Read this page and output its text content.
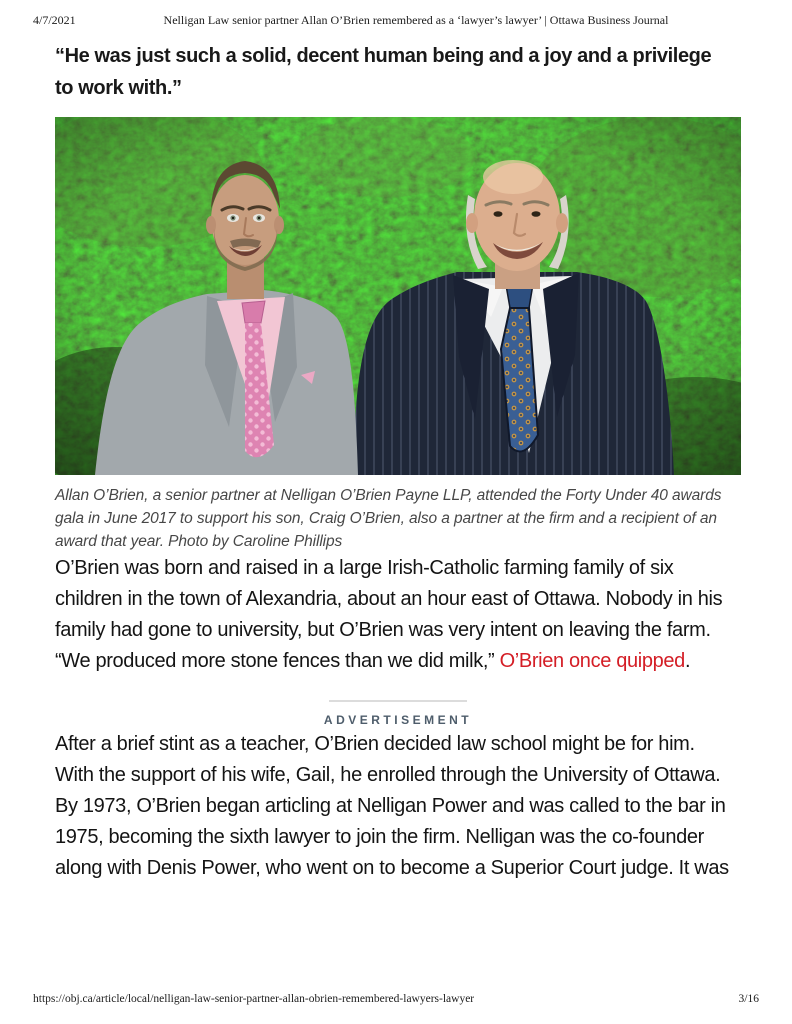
4/7/2021	Nelligan Law senior partner Allan O’Brien remembered as a ‘lawyer’s lawyer’ | Ottawa Business Journal
“He was just such a solid, decent human being and a joy and a privilege to work with.”
Allan O’Brien, a senior partner at Nelligan O’Brien Payne LLP, attended the Forty Under 40 awards gala in June 2017 to support his son, Craig O’Brien, also a partner at the firm and a recipient of an award that year. Photo by Caroline Phillips

O’Brien was born and raised in a large Irish-Catholic farming family of six children in the town of Alexandria, about an hour east of Ottawa. Nobody in his family had gone to university, but O’Brien was very intent on leaving the farm.

“We produced more stone fences than we did milk,” O’Brien once quipped.

ADVERTISEMENT

After a brief stint as a teacher, O’Brien decided law school might be for him. With the support of his wife, Gail, he enrolled through the University of Ottawa.

By 1973, O’Brien began articling at Nelligan Power and was called to the bar in 1975, becoming the sixth lawyer to join the firm. Nelligan was the co-founder along with Denis Power, who went on to become a Superior Court judge. It was

https://obj.ca/article/local/nelligan-law-senior-partner-allan-obrien-remembered-lawyers-lawyer	3/16
